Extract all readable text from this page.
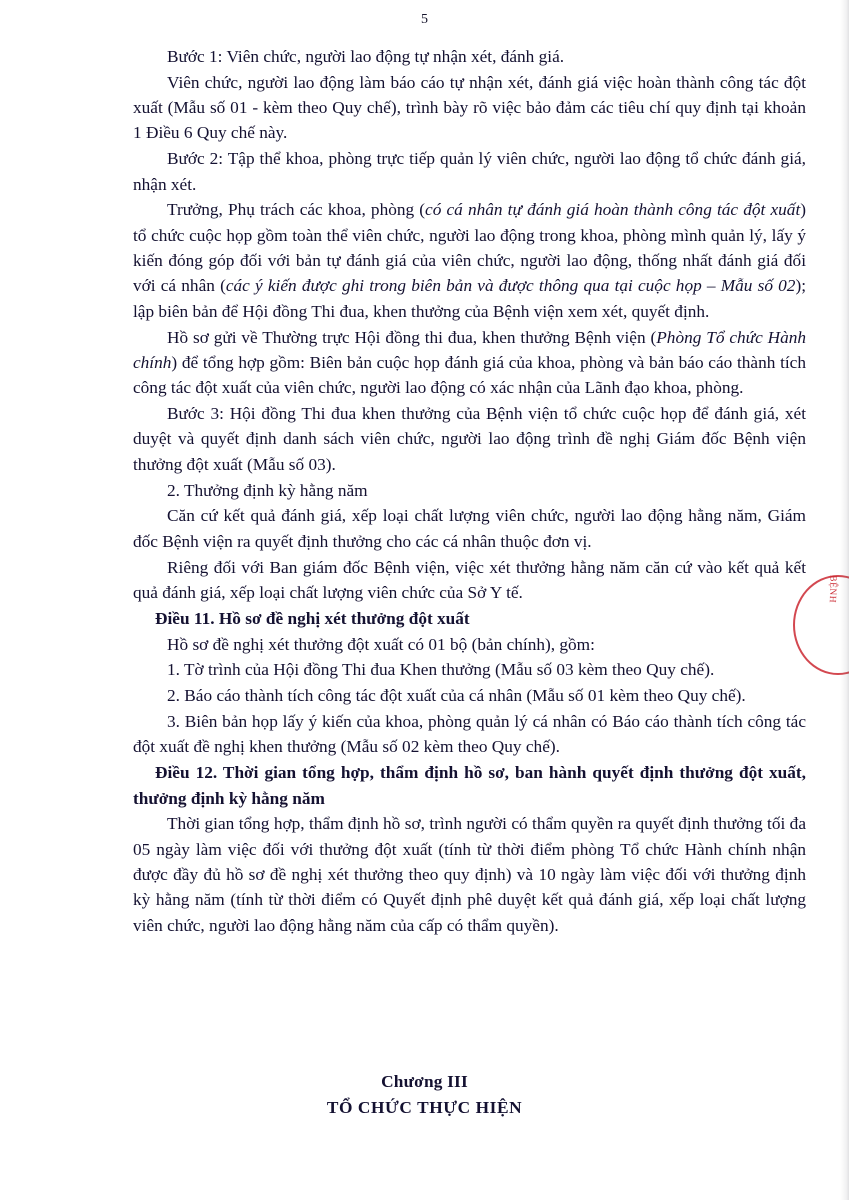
5

Bước 1: Viên chức, người lao động tự nhận xét, đánh giá.

Viên chức, người lao động làm báo cáo tự nhận xét, đánh giá việc hoàn thành công tác đột xuất (Mẫu số 01 - kèm theo Quy chế), trình bày rõ việc bảo đảm các tiêu chí quy định tại khoản 1 Điều 6 Quy chế này.

Bước 2: Tập thể khoa, phòng trực tiếp quản lý viên chức, người lao động tổ chức đánh giá, nhận xét.

Trưởng, Phụ trách các khoa, phòng (có cá nhân tự đánh giá hoàn thành công tác đột xuất) tổ chức cuộc họp gồm toàn thể viên chức, người lao động trong khoa, phòng mình quản lý, lấy ý kiến đóng góp đối với bản tự đánh giá của viên chức, người lao động, thống nhất đánh giá đối với cá nhân (các ý kiến được ghi trong biên bản và được thông qua tại cuộc họp – Mẫu số 02); lập biên bản để Hội đồng Thi đua, khen thưởng của Bệnh viện xem xét, quyết định.

Hồ sơ gửi về Thường trực Hội đồng thi đua, khen thưởng Bệnh viện (Phòng Tổ chức Hành chính) để tổng hợp gồm: Biên bản cuộc họp đánh giá của khoa, phòng và bản báo cáo thành tích công tác đột xuất của viên chức, người lao động có xác nhận của Lãnh đạo khoa, phòng.

Bước 3: Hội đồng Thi đua khen thưởng của Bệnh viện tổ chức cuộc họp để đánh giá, xét duyệt và quyết định danh sách viên chức, người lao động trình đề nghị Giám đốc Bệnh viện thưởng đột xuất (Mẫu số 03).

2. Thưởng định kỳ hằng năm

Căn cứ kết quả đánh giá, xếp loại chất lượng viên chức, người lao động hằng năm, Giám đốc Bệnh viện ra quyết định thưởng cho các cá nhân thuộc đơn vị.

Riêng đối với Ban giám đốc Bệnh viện, việc xét thưởng hằng năm căn cứ vào kết quả kết quả đánh giá, xếp loại chất lượng viên chức của Sở Y tế.

Điều 11. Hồ sơ đề nghị xét thưởng đột xuất

Hồ sơ đề nghị xét thưởng đột xuất có 01 bộ (bản chính), gồm:

1. Tờ trình của Hội đồng Thi đua Khen thưởng (Mẫu số 03 kèm theo Quy chế).

2. Báo cáo thành tích công tác đột xuất của cá nhân (Mẫu số 01 kèm theo Quy chế).

3. Biên bản họp lấy ý kiến của khoa, phòng quản lý cá nhân có Báo cáo thành tích công tác đột xuất đề nghị khen thưởng (Mẫu số 02 kèm theo Quy chế).

Điều 12. Thời gian tổng hợp, thẩm định hồ sơ, ban hành quyết định thưởng đột xuất, thưởng định kỳ hằng năm

Thời gian tổng hợp, thẩm định hồ sơ, trình người có thẩm quyền ra quyết định thưởng tối đa 05 ngày làm việc đối với thưởng đột xuất (tính từ thời điểm phòng Tổ chức Hành chính nhận được đầy đủ hồ sơ đề nghị xét thưởng theo quy định) và 10 ngày làm việc đối với thưởng định kỳ hằng năm (tính từ thời điểm có Quyết định phê duyệt kết quả đánh giá, xếp loại chất lượng viên chức, người lao động hằng năm của cấp có thẩm quyền).

Chương III
TỔ CHỨC THỰC HIỆN
BỆNH
